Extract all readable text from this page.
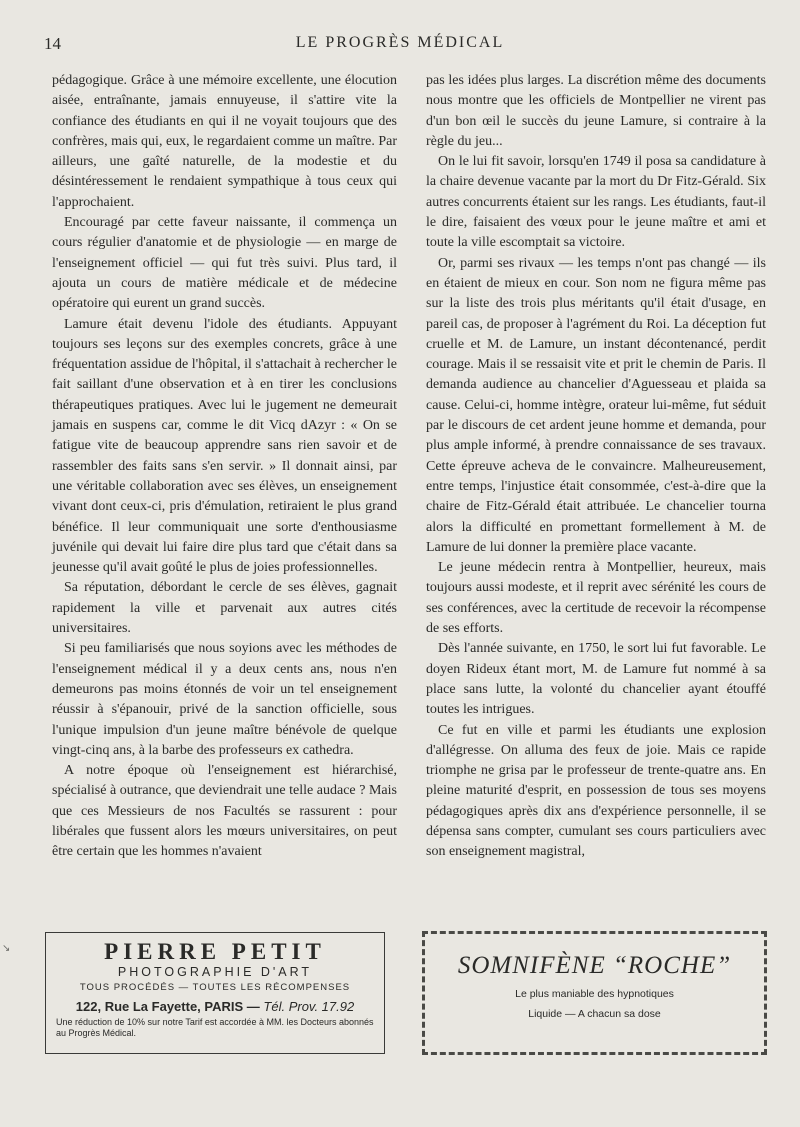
14	LE PROGRÈS MÉDICAL

pédagogique. Grâce à une mémoire excellente, une élocution aisée, entraînante, jamais ennuyeuse, il s'attire vite la confiance des étudiants en qui il ne voyait toujours que des confrères, mais qui, eux, le regardaient comme un maître. Par ailleurs, une gaîté naturelle, de la modestie et du désintéressement le rendaient sympathique à tous ceux qui l'approchaient.

Encouragé par cette faveur naissante, il commença un cours régulier d'anatomie et de physiologie — en marge de l'enseignement officiel — qui fut très suivi. Plus tard, il ajouta un cours de matière médicale et de médecine opératoire qui eurent un grand succès.

Lamure était devenu l'idole des étudiants. Appuyant toujours ses leçons sur des exemples concrets, grâce à une fréquentation assidue de l'hôpital, il s'attachait à rechercher le fait saillant d'une observation et à en tirer les conclusions thérapeutiques pratiques. Avec lui le jugement ne demeurait jamais en suspens car, comme le dit Vicq dAzyr : « On se fatigue vite de beaucoup apprendre sans rien savoir et de rassembler des faits sans s'en servir. » Il donnait ainsi, par une véritable collaboration avec ses élèves, un enseignement vivant dont ceux-ci, pris d'émulation, retiraient le plus grand bénéfice. Il leur communiquait une sorte d'enthousiasme juvénile qui devait lui faire dire plus tard que c'était dans sa jeunesse qu'il avait goûté le plus de joies professionnelles.

Sa réputation, débordant le cercle de ses élèves, gagnait rapidement la ville et parvenait aux autres cités universitaires.

Si peu familiarisés que nous soyions avec les méthodes de l'enseignement médical il y a deux cents ans, nous n'en demeurons pas moins étonnés de voir un tel enseignement réussir à s'épanouir, privé de la sanction officielle, sous l'unique impulsion d'un jeune maître bénévole de quelque vingt-cinq ans, à la barbe des professeurs ex cathedra.

A notre époque où l'enseignement est hiérarchisé, spécialisé à outrance, que deviendrait une telle audace ? Mais que ces Messieurs de nos Facultés se rassurent : pour libérales que fussent alors les mœurs universitaires, on peut être certain que les hommes n'avaient

pas les idées plus larges. La discrétion même des documents nous montre que les officiels de Montpellier ne virent pas d'un bon œil le succès du jeune Lamure, si contraire à la règle du jeu...

On le lui fit savoir, lorsqu'en 1749 il posa sa candidature à la chaire devenue vacante par la mort du Dr Fitz-Gérald. Six autres concurrents étaient sur les rangs. Les étudiants, faut-il le dire, faisaient des vœux pour le jeune maître et ami et toute la ville escomptait sa victoire.

Or, parmi ses rivaux — les temps n'ont pas changé — ils en étaient de mieux en cour. Son nom ne figura même pas sur la liste des trois plus méritants qu'il était d'usage, en pareil cas, de proposer à l'agrément du Roi. La déception fut cruelle et M. de Lamure, un instant décontenancé, perdit courage. Mais il se ressaisit vite et prit le chemin de Paris. Il demanda audience au chancelier d'Aguesseau et plaida sa cause. Celui-ci, homme intègre, orateur lui-même, fut séduit par le discours de cet ardent jeune homme et demanda, pour plus ample informé, à prendre connaissance de ses travaux. Cette épreuve acheva de le convaincre. Malheureusement, entre temps, l'injustice était consommée, c'est-à-dire que la chaire de Fitz-Gérald était attribuée. Le chancelier tourna alors la difficulté en promettant formellement à M. de Lamure de lui donner la première place vacante.

Le jeune médecin rentra à Montpellier, heureux, mais toujours aussi modeste, et il reprit avec sérénité les cours de ses conférences, avec la certitude de recevoir la récompense de ses efforts.

Dès l'année suivante, en 1750, le sort lui fut favorable. Le doyen Rideux étant mort, M. de Lamure fut nommé à sa place sans lutte, la volonté du chancelier ayant étouffé toutes les intrigues.

Ce fut en ville et parmi les étudiants une explosion d'allégresse. On alluma des feux de joie. Mais ce rapide triomphe ne grisa par le professeur de trente-quatre ans. En pleine maturité d'esprit, en possession de tous ses moyens pédagogiques après dix ans d'expérience personnelle, il se dépensa sans compter, cumulant ses cours particuliers avec son enseignement magistral,

↘	PIERRE PETIT
PHOTOGRAPHIE D'ART
TOUS PROCÉDÉS — TOUTES LES RÉCOMPENSES
122, Rue La Fayette, PARIS — Tél. Prov. 17.92
Une réduction de 10% sur notre Tarif est accordée à MM. les Docteurs abonnés au Progrès Médical.
SOMNIFÈNE “ROCHE”
Le plus maniable des hypnotiques
Liquide — A chacun sa dose
